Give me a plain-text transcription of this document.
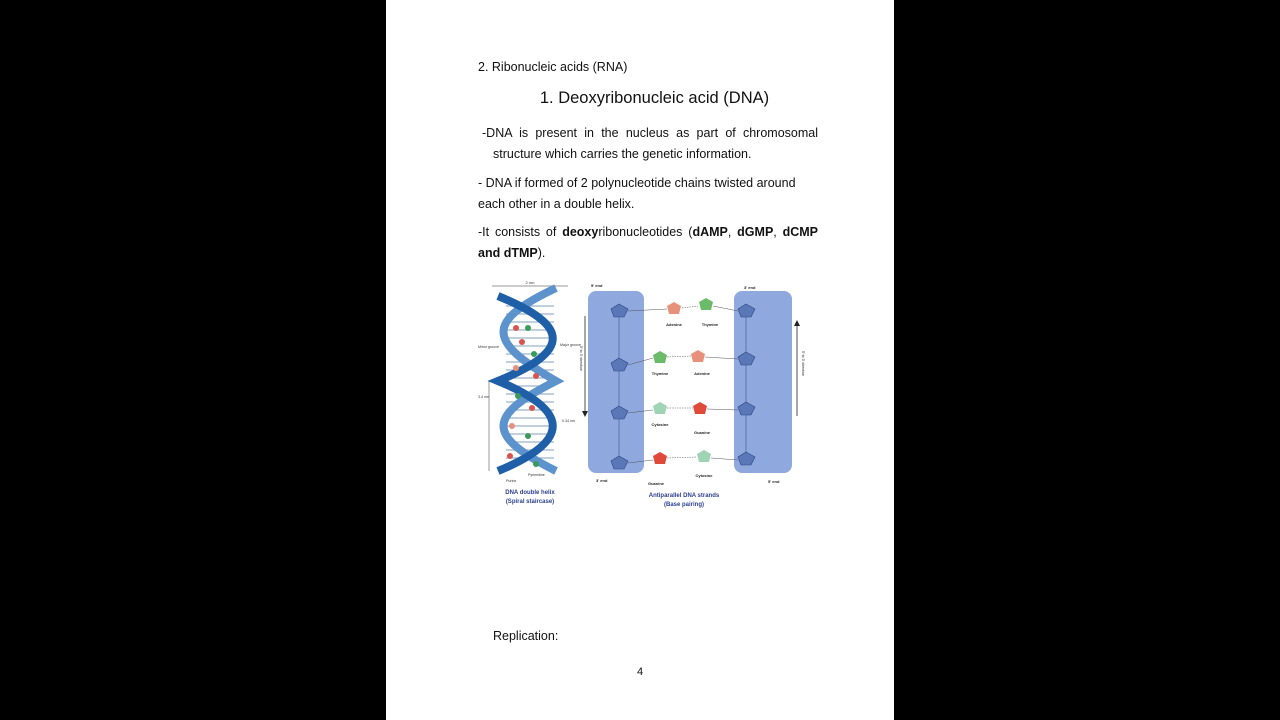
2. Ribonucleic acids (RNA)
1. Deoxyribonucleic acid (DNA)
-DNA is present in the nucleus as part of chromosomal
structure which carries the genetic information.
- DNA if formed of 2 polynucleotide chains twisted around
each other in a double helix.
-It consists of deoxyribonucleotides (dAMP, dGMP, dCMP
and dTMP).
2 nm
Minor groove	Major groove
3.4 nm
0.34 nm
Purine
Pyrimidine
DNA double helix
(Spiral staircase)
5' end	3' end
3' end	5' end
5' to 3' direction	5' to 3' direction
Adenine	Thymine
Thymine	Adenine
Cytosine
Guanine
Guanine
Cytosine
Antiparallel DNA strands
(Base pairing)
Replication:
4
